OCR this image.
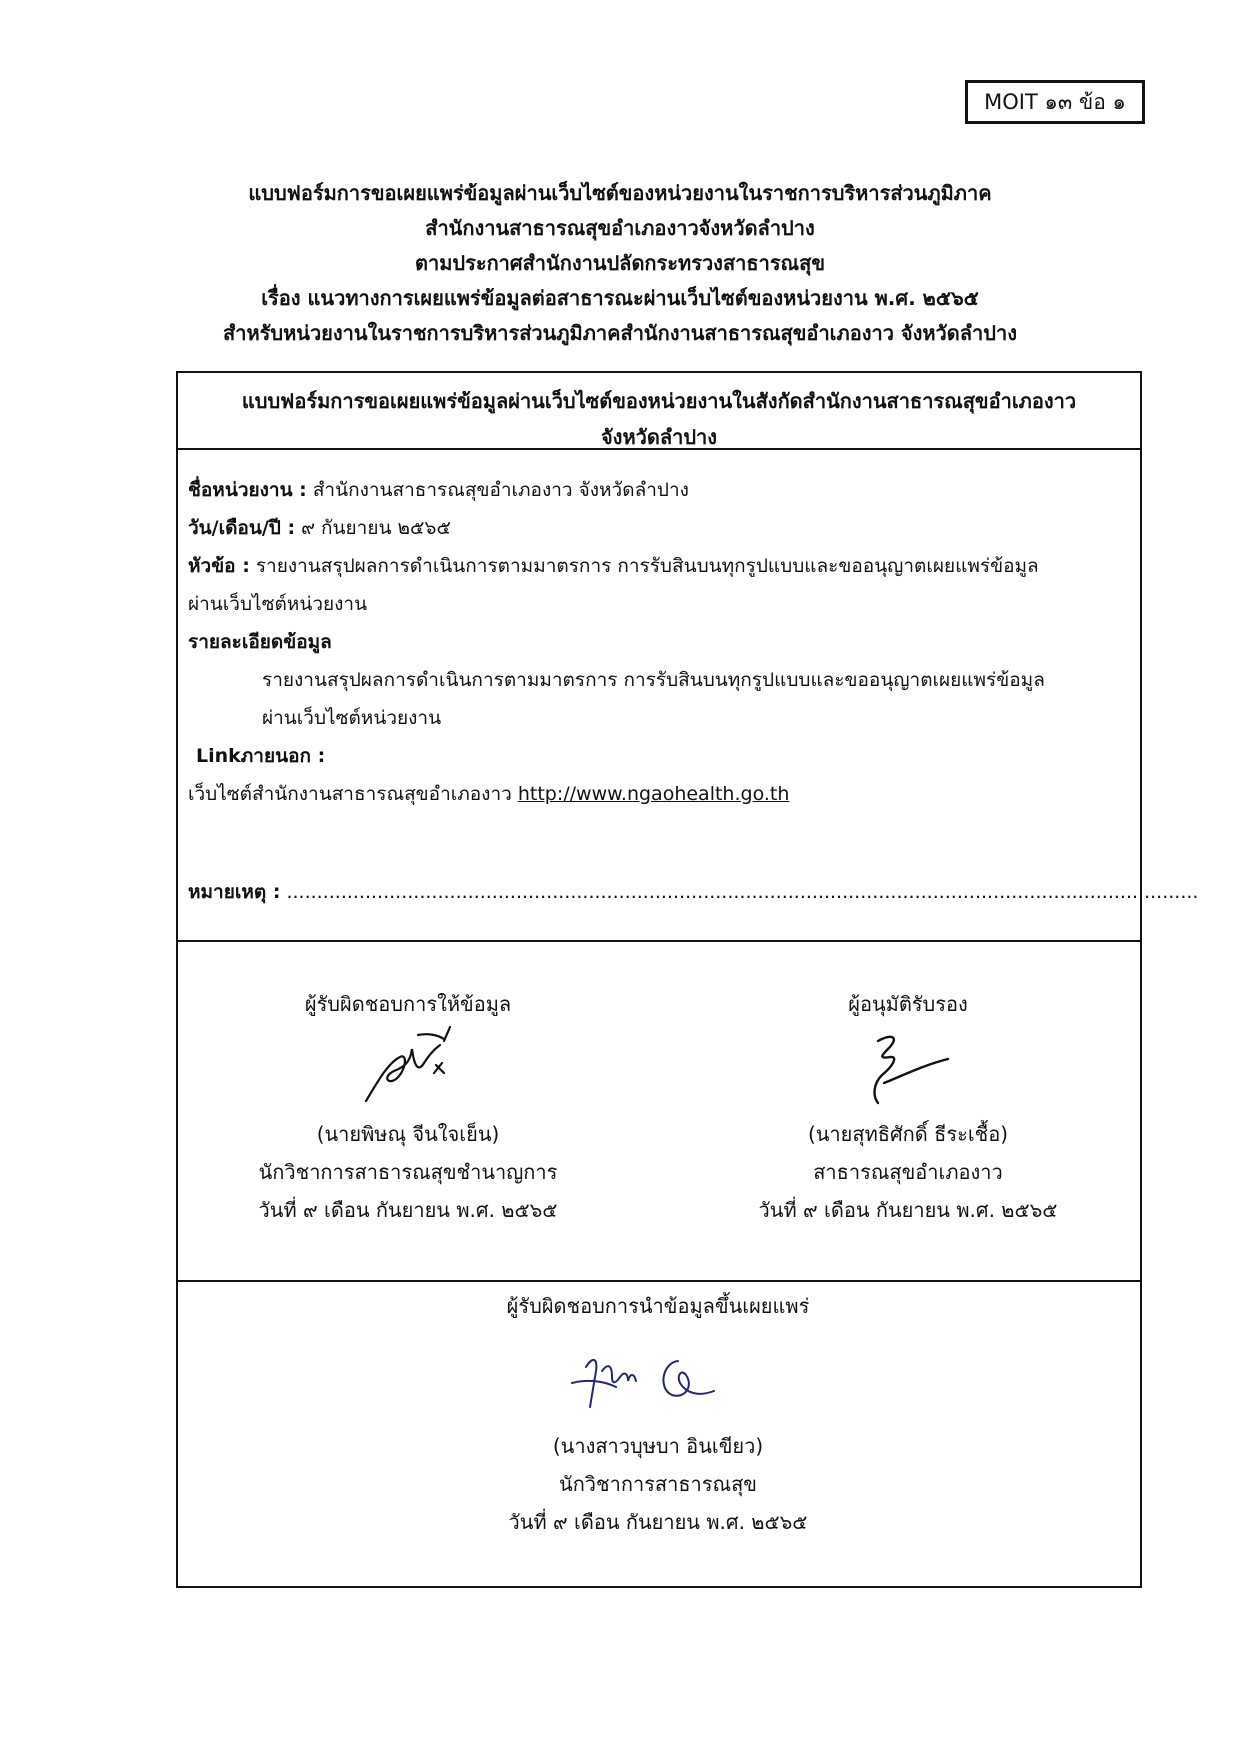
MOIT ๑๓ ข้อ ๑
แบบฟอร์มการขอเผยแพร่ข้อมูลผ่านเว็บไซต์ของหน่วยงานในราชการบริหารส่วนภูมิภาค
สำนักงานสาธารณสุขอำเภองาวจังหวัดลำปาง
ตามประกาศสำนักงานปลัดกระทรวงสาธารณสุข
เรื่อง แนวทางการเผยแพร่ข้อมูลต่อสาธารณะผ่านเว็บไซต์ของหน่วยงาน พ.ศ. ๒๕๖๕
สำหรับหน่วยงานในราชการบริหารส่วนภูมิภาคสำนักงานสาธารณสุขอำเภองาว จังหวัดลำปาง
แบบฟอร์มการขอเผยแพร่ข้อมูลผ่านเว็บไซต์ของหน่วยงานในสังกัดสำนักงานสาธารณสุขอำเภองาว
จังหวัดลำปาง
ชื่อหน่วยงาน : สำนักงานสาธารณสุขอำเภองาว จังหวัดลำปาง
วัน/เดือน/ปี : ๙ กันยายน ๒๕๖๕
หัวข้อ : รายงานสรุปผลการดำเนินการตามมาตรการ การรับสินบนทุกรูปแบบและขออนุญาตเผยแพร่ข้อมูล
ผ่านเว็บไซต์หน่วยงาน
รายละเอียดข้อมูล
รายงานสรุปผลการดำเนินการตามมาตรการ การรับสินบนทุกรูปแบบและขออนุญาตเผยแพร่ข้อมูล
ผ่านเว็บไซต์หน่วยงาน
Linkภายนอก :
เว็บไซต์สำนักงานสาธารณสุขอำเภองาว http://www.ngaohealth.go.th
หมายเหตุ : .......................................................................................................................................................
ผู้รับผิดชอบการให้ข้อมูล
(นายพิษณุ จีนใจเย็น)
นักวิชาการสาธารณสุขชำนาญการ
วันที่ ๙ เดือน กันยายน พ.ศ. ๒๕๖๕
ผู้อนุมัติรับรอง
(นายสุทธิศักดิ์ ธีระเชื้อ)
สาธารณสุขอำเภองาว
วันที่ ๙ เดือน กันยายน พ.ศ. ๒๕๖๕
ผู้รับผิดชอบการนำข้อมูลขึ้นเผยแพร่
(นางสาวบุษบา อินเขียว)
นักวิชาการสาธารณสุข
วันที่ ๙ เดือน กันยายน พ.ศ. ๒๕๖๕
